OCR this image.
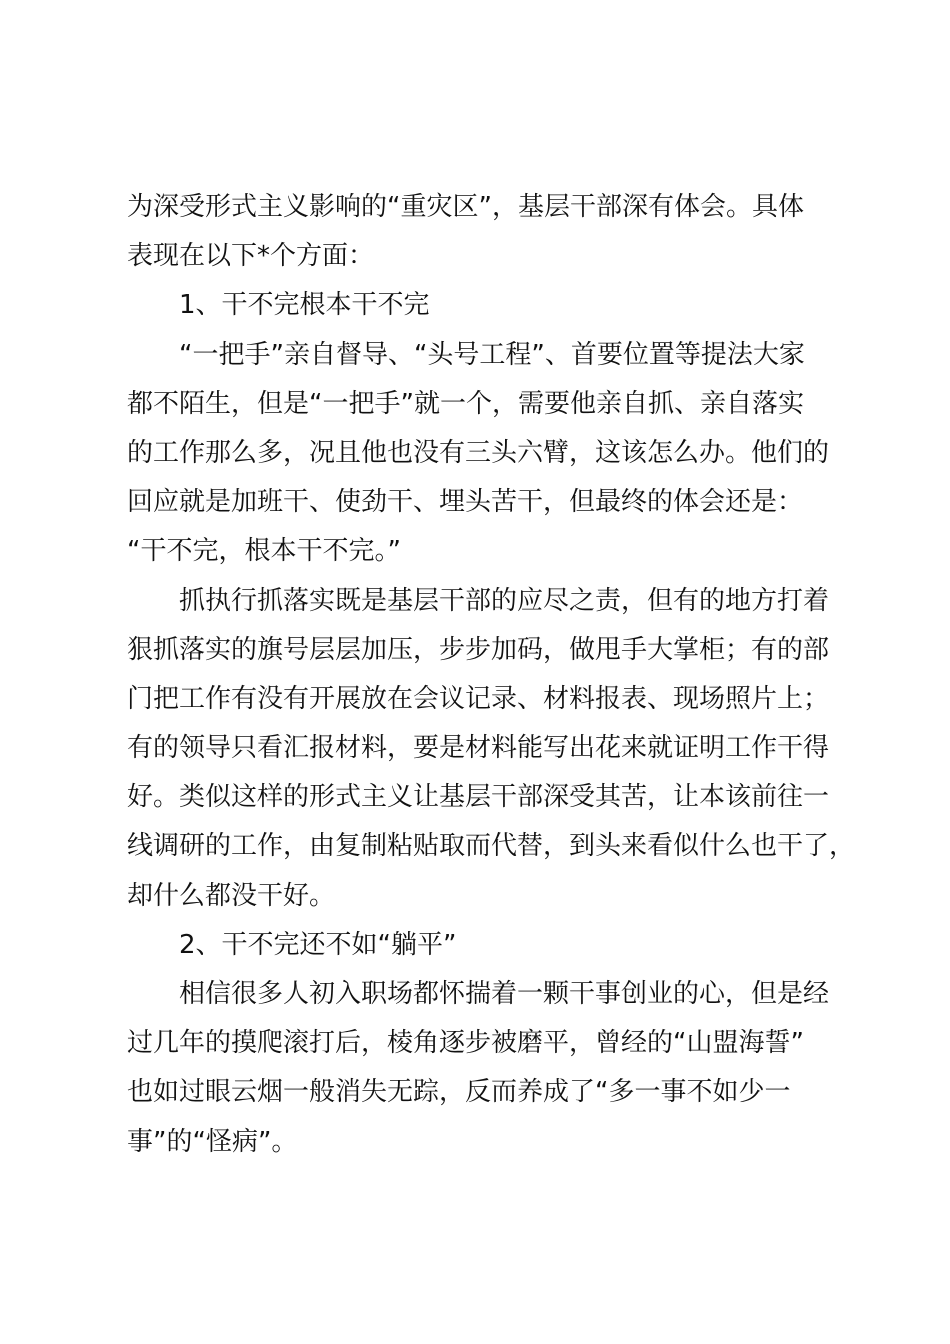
为深受形式主义影响的“重灾区”，基层干部深有体会。具体
表现在以下*个方面：
1、干不完根本干不完
“一把手”亲自督导、“头号工程”、首要位置等提法大家
都不陌生，但是“一把手”就一个，需要他亲自抓、亲自落实
的工作那么多，况且他也没有三头六臂，这该怎么办。他们的
回应就是加班干、使劲干、埋头苦干，但最终的体会还是：
“干不完，根本干不完。”
抓执行抓落实既是基层干部的应尽之责，但有的地方打着
狠抓落实的旗号层层加压，步步加码，做甩手大掌柜；有的部
门把工作有没有开展放在会议记录、材料报表、现场照片上；
有的领导只看汇报材料，要是材料能写出花来就证明工作干得
好。类似这样的形式主义让基层干部深受其苦，让本该前往一
线调研的工作，由复制粘贴取而代替，到头来看似什么也干了，
却什么都没干好。
2、干不完还不如“躺平”
相信很多人初入职场都怀揣着一颗干事创业的心，但是经
过几年的摸爬滚打后，棱角逐步被磨平，曾经的“山盟海誓”
也如过眼云烟一般消失无踪，反而养成了“多一事不如少一
事”的“怪病”。
